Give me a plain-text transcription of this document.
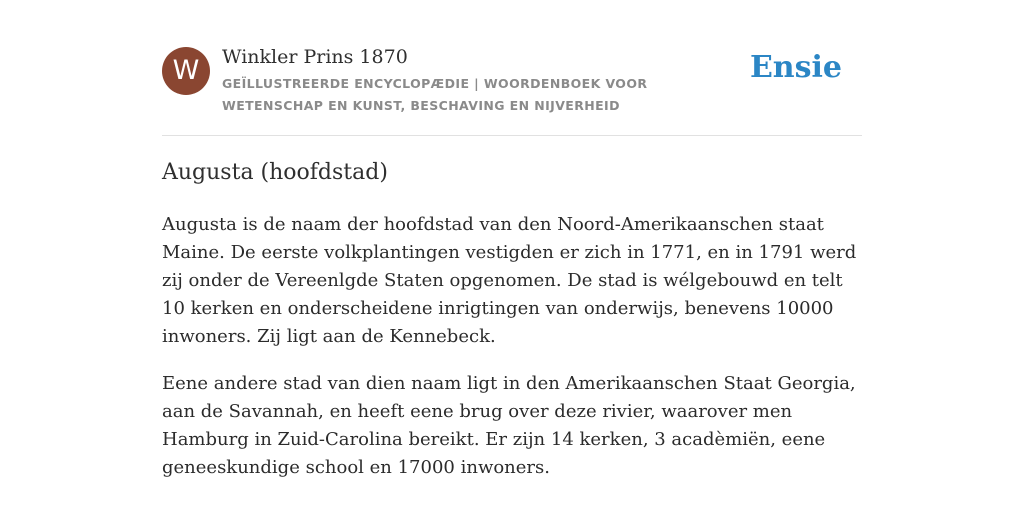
W	Winkler Prins 1870
GEÏLLUSTREERDE ENCYCLOPÆDIE | WOORDENBOEK VOOR WETENSCHAP EN KUNST, BESCHAVING EN NIJVERHEID
Ensie
Augusta (hoofdstad)

Augusta is de naam der hoofdstad van den Noord-Amerikaanschen staat Maine. De eerste volkplantingen vestigden er zich in 1771, en in 1791 werd zij onder de Vereenlgde Staten opgenomen. De stad is wélgebouwd en telt 10 kerken en onderscheidene inrigtingen van onderwijs, benevens 10000 inwoners. Zij ligt aan de Kennebeck.

Eene andere stad van dien naam ligt in den Amerikaanschen Staat Georgia, aan de Savannah, en heeft eene brug over deze rivier, waarover men Hamburg in Zuid-Carolina bereikt. Er zijn 14 kerken, 3 acadèmiën, eene geneeskundige school en 17000 inwoners.
